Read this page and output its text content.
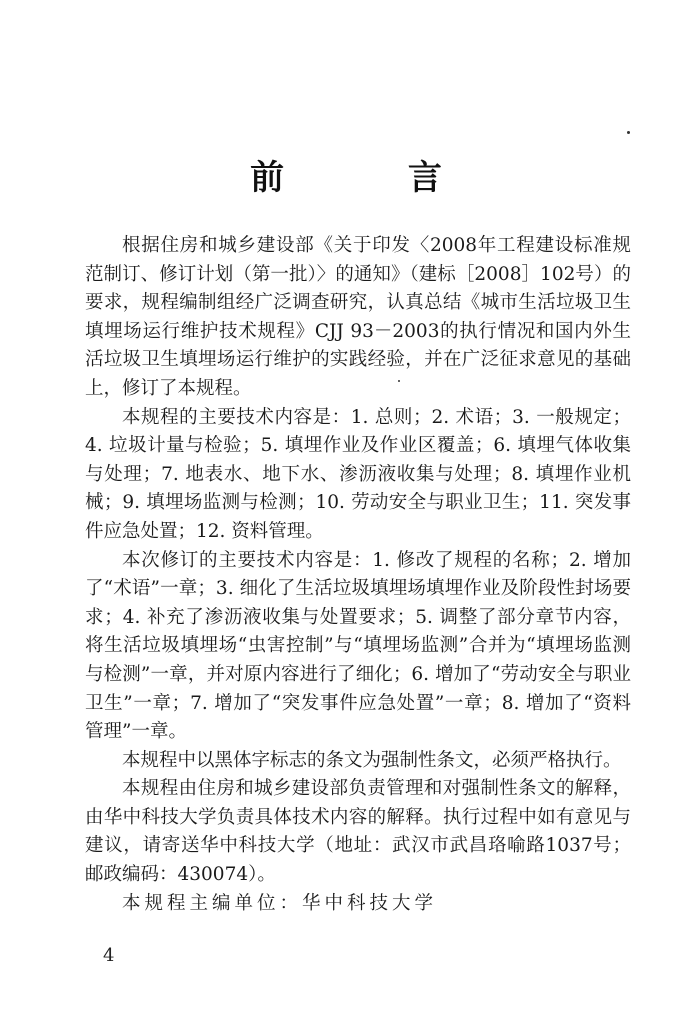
前 言

根据住房和城乡建设部《关于印发〈2008年工程建设标准规范制订、修订计划（第一批）〉的通知》（建标［2008］102号）的要求，规程编制组经广泛调查研究，认真总结《城市生活垃圾卫生填埋场运行维护技术规程》CJJ 93－2003的执行情况和国内外生活垃圾卫生填埋场运行维护的实践经验，并在广泛征求意见的基础上，修订了本规程。

本规程的主要技术内容是：1. 总则；2. 术语；3. 一般规定；4. 垃圾计量与检验；5. 填埋作业及作业区覆盖；6. 填埋气体收集与处理；7. 地表水、地下水、渗沥液收集与处理；8. 填埋作业机械；9. 填埋场监测与检测；10. 劳动安全与职业卫生；11. 突发事件应急处置；12. 资料管理。

本次修订的主要技术内容是：1. 修改了规程的名称；2. 增加了“术语”一章；3. 细化了生活垃圾填埋场填埋作业及阶段性封场要求；4. 补充了渗沥液收集与处置要求；5. 调整了部分章节内容，将生活垃圾填埋场“虫害控制”与“填埋场监测”合并为“填埋场监测与检测”一章，并对原内容进行了细化；6. 增加了“劳动安全与职业卫生”一章；7. 增加了“突发事件应急处置”一章；8. 增加了“资料管理”一章。

本规程中以黑体字标志的条文为强制性条文，必须严格执行。

本规程由住房和城乡建设部负责管理和对强制性条文的解释，由华中科技大学负责具体技术内容的解释。执行过程中如有意见与建议，请寄送华中科技大学（地址：武汉市武昌珞喻路1037号；邮政编码：430074）。

本规程主编单位：华中科技大学

4
